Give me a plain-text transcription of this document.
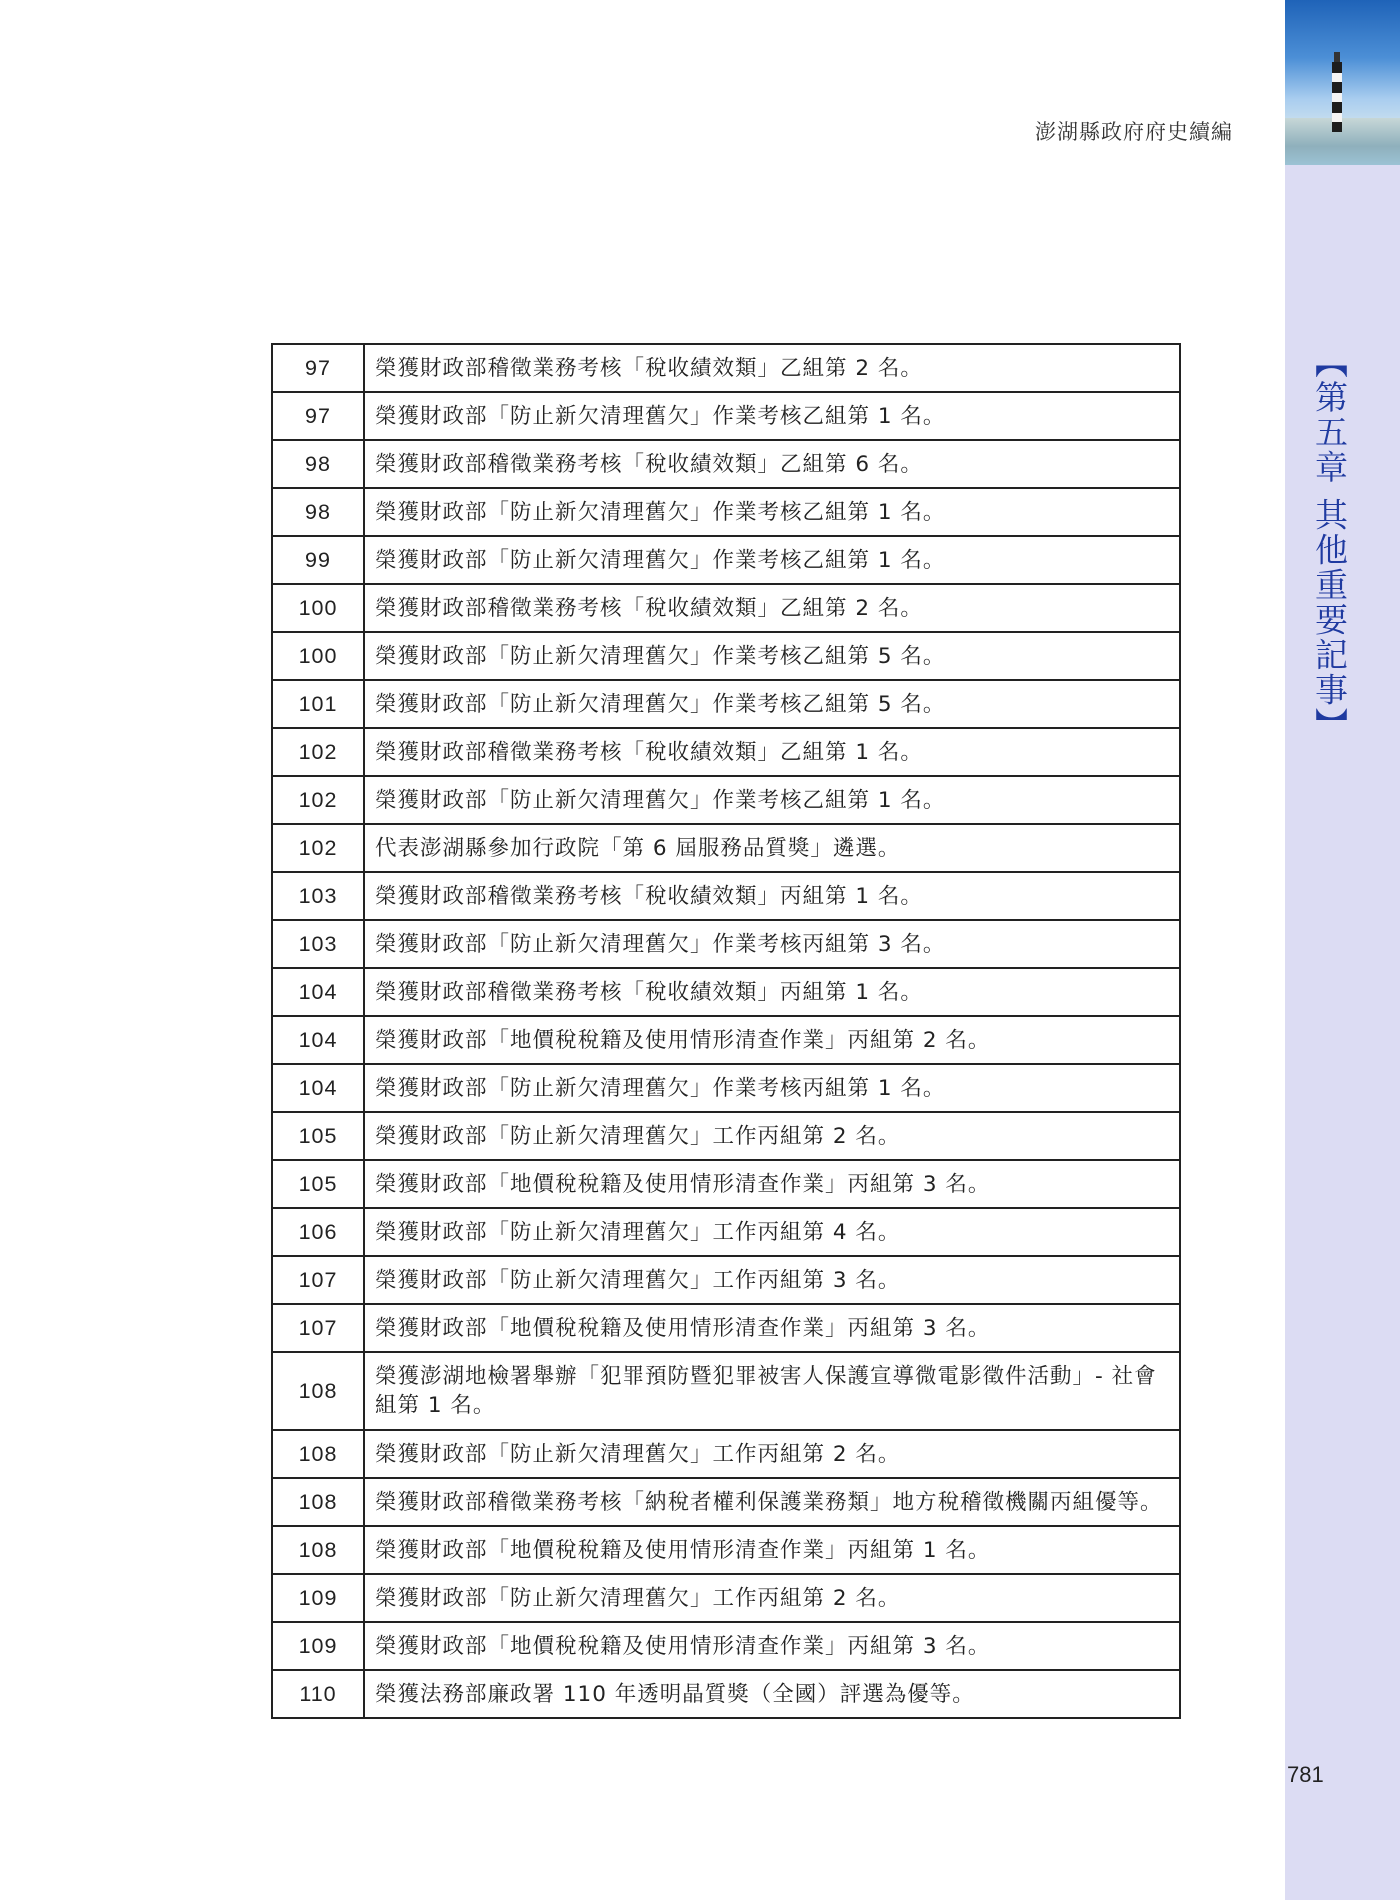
【第五章 其他重要記事】
澎湖縣政府府史續編
97	榮獲財政部稽徵業務考核「稅收績效類」乙組第 2 名。
97	榮獲財政部「防止新欠清理舊欠」作業考核乙組第 1 名。
98	榮獲財政部稽徵業務考核「稅收績效類」乙組第 6 名。
98	榮獲財政部「防止新欠清理舊欠」作業考核乙組第 1 名。
99	榮獲財政部「防止新欠清理舊欠」作業考核乙組第 1 名。
100	榮獲財政部稽徵業務考核「稅收績效類」乙組第 2 名。
100	榮獲財政部「防止新欠清理舊欠」作業考核乙組第 5 名。
101	榮獲財政部「防止新欠清理舊欠」作業考核乙組第 5 名。
102	榮獲財政部稽徵業務考核「稅收績效類」乙組第 1 名。
102	榮獲財政部「防止新欠清理舊欠」作業考核乙組第 1 名。
102	代表澎湖縣參加行政院「第 6 屆服務品質獎」遴選。
103	榮獲財政部稽徵業務考核「稅收績效類」丙組第 1 名。
103	榮獲財政部「防止新欠清理舊欠」作業考核丙組第 3 名。
104	榮獲財政部稽徵業務考核「稅收績效類」丙組第 1 名。
104	榮獲財政部「地價稅稅籍及使用情形清查作業」丙組第 2 名。
104	榮獲財政部「防止新欠清理舊欠」作業考核丙組第 1 名。
105	榮獲財政部「防止新欠清理舊欠」工作丙組第 2 名。
105	榮獲財政部「地價稅稅籍及使用情形清查作業」丙組第 3 名。
106	榮獲財政部「防止新欠清理舊欠」工作丙組第 4 名。
107	榮獲財政部「防止新欠清理舊欠」工作丙組第 3 名。
107	榮獲財政部「地價稅稅籍及使用情形清查作業」丙組第 3 名。
108	榮獲澎湖地檢署舉辦「犯罪預防暨犯罪被害人保護宣導微電影徵件活動」- 社會組第 1 名。
108	榮獲財政部「防止新欠清理舊欠」工作丙組第 2 名。
108	榮獲財政部稽徵業務考核「納稅者權利保護業務類」地方稅稽徵機關丙組優等。
108	榮獲財政部「地價稅稅籍及使用情形清查作業」丙組第 1 名。
109	榮獲財政部「防止新欠清理舊欠」工作丙組第 2 名。
109	榮獲財政部「地價稅稅籍及使用情形清查作業」丙組第 3 名。
110	榮獲法務部廉政署 110 年透明晶質獎（全國）評選為優等。
781
